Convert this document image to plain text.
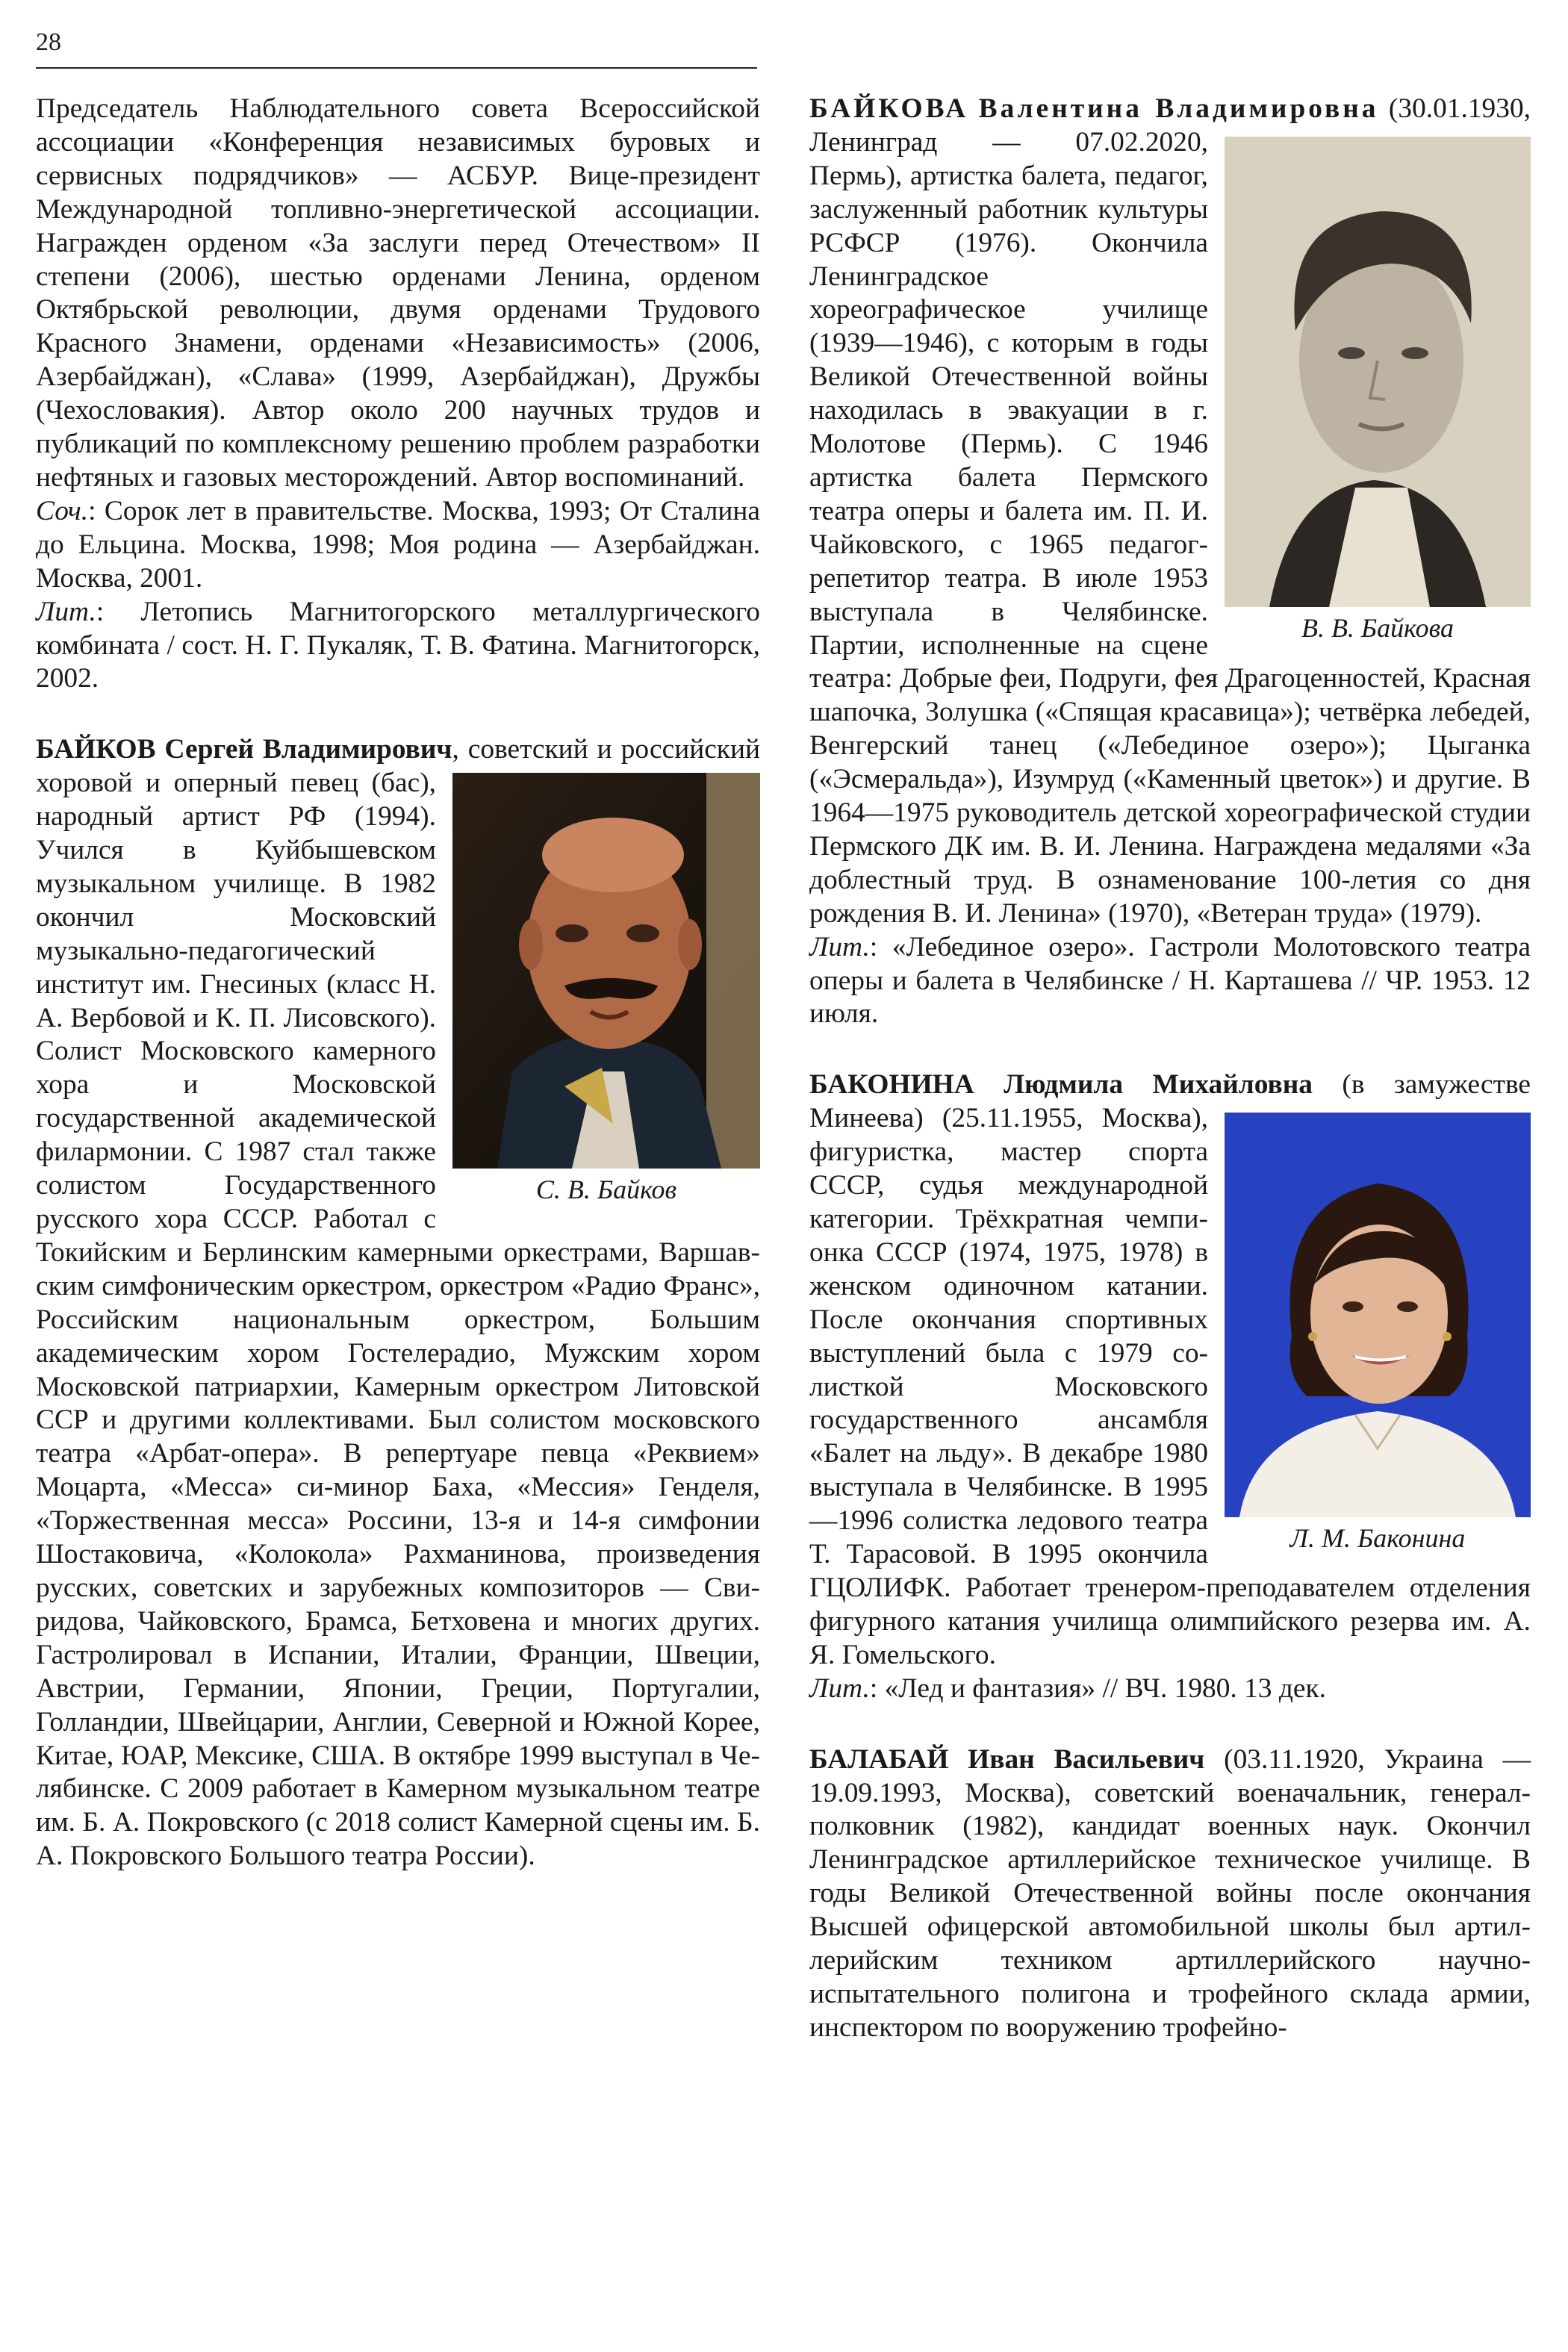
28

Председатель Наблюдательного совета Всероссийской ассоциации «Конференция независимых буровых и сервисных подрядчиков» — АСБУР. Вице-президент Международной топливно-энергетической ассоциации. Награжден орденом «За заслуги перед Отечеством» II степени (2006), шестью орденами Ленина, орденом Октябрьской революции, двумя орденами Трудового Красного Знамени, орденами «Независимость» (2006, Азербайджан), «Слава» (1999, Азербайджан), Дружбы (Чехословакия). Автор около 200 научных трудов и публикаций по комплексному решению проблем разработки нефтяных и газовых месторождений. Автор воспоминаний.

Соч.: Сорок лет в правительстве. Москва, 1993; От Сталина до Ельцина. Москва, 1998; Моя родина — Азербайджан. Москва, 2001.

Лит.: Летопись Магнитогорского металлургического комбината / сост. Н. Г. Пукаляк, Т. В. Фатина. Магнитогорск, 2002.

БАЙКОВ Сергей Владимирович
С. В. Байков
, советский и российский хоровой и оперный певец (бас), народный артист РФ (1994). Учился в Куйбышевском музыкальном училище. В 1982 окончил Московский музыкально-педагогический институт им. Гнесиных (класс Н. А. Вербовой и К. П. Лисовского). Солист Московского камерного хора и Московской государственной академической филармонии. С 1987 стал также солистом Государственного русского хора СССР. Работал с Токийским и Берлинским камерными оркестрами, Варшавским симфоническим оркестром, оркестром «Радио Франс», Российским национальным оркестром, Большим академическим хором Гостелерадио, Мужским хором Московской патриархии, Камерным оркестром Литовской ССР и другими коллективами. Был солистом московского театра «Арбат-опера». В репертуаре певца «Реквием» Моцарта, «Месса» си-минор Баха, «Мессия» Генделя, «Торжественная месса» Россини, 13-я и 14-я симфонии Шостаковича, «Колокола» Рахманинова, произведения русских, советских и зарубежных композиторов — Свиридова, Чайковского, Брамса, Бетховена и многих других. Гастролировал в Испании, Италии, Франции, Швеции, Австрии, Германии, Японии, Греции, Португалии, Голландии, Швейцарии, Англии, Северной и Южной Корее, Китае, ЮАР, Мексике, США. В октябре 1999 выступал в Челябинске. С 2009 работает в Камерном музыкальном театре им. Б. А. Покровского (с 2018 солист Камерной сцены им. Б. А. Покровского Большого театра России).

БАЙКОВА Валентина Владимировна
В. В. Байкова
(30.01.1930, Ленинград — 07.02.2020, Пермь), артистка балета, педагог, заслуженный работник культуры РСФСР (1976). Окончила Ленинградское хореографическое училище (1939—1946), с которым в годы Великой Отечественной войны находилась в эвакуации в г. Молотове (Пермь). С 1946 артистка балета Пермского театра оперы и балета им. П. И. Чайковского, с 1965 педагог-репетитор театра. В июле 1953 выступала в Челябинске. Партии, исполненные на сцене театра: Добрые феи, Подруги, фея Драгоценностей, Красная шапочка, Золушка («Спящая красавица»); четвёрка лебедей, Венгерский танец («Лебединое озеро»); Цыганка («Эсмеральда»), Изумруд («Каменный цветок») и другие. В 1964—1975 руководитель детской хореографической студии Пермского ДК им. В. И. Ленина. Награждена медалями «За доблестный труд. В ознаменование 100-летия со дня рождения В. И. Ленина» (1970), «Ветеран труда» (1979).

Лит.: «Лебединое озеро». Гастроли Молотовского театра оперы и балета в Челябинске / Н. Карташева // ЧР. 1953. 12 июля.

БАКОНИНА Людмила Михайловна
Л. М. Баконина
(в замужестве Минеева) (25.11.1955, Москва), фигуристка, мастер спорта СССР, судья международной категории. Трёхкратная чемпионка СССР (1974, 1975, 1978) в женском одиночном катании. После окончания спортивных выступлений была с 1979 солисткой Московского государственного ансамбля «Балет на льду». В декабре 1980 выступала в Челябинске. В 1995—1996 солистка ледового театра Т. Тарасовой. В 1995 окончила ГЦОЛИФК. Работает тренером-преподавателем отделения фигурного катания училища олимпийского резерва им. А. Я. Гомельского.

Лит.: «Лед и фантазия» // ВЧ. 1980. 13 дек.

БАЛАБАЙ Иван Васильевич (03.11.1920, Украина — 19.09.1993, Москва), советский военачальник, генерал-полковник (1982), кандидат военных наук. Окончил Ленинградское артиллерийское техническое училище. В годы Великой Отечественной войны после окончания Высшей офицерской автомобильной школы был артиллерийским техником артиллерийского научно-испытательного полигона и трофейного склада армии, инспектором по вооружению трофейно-
